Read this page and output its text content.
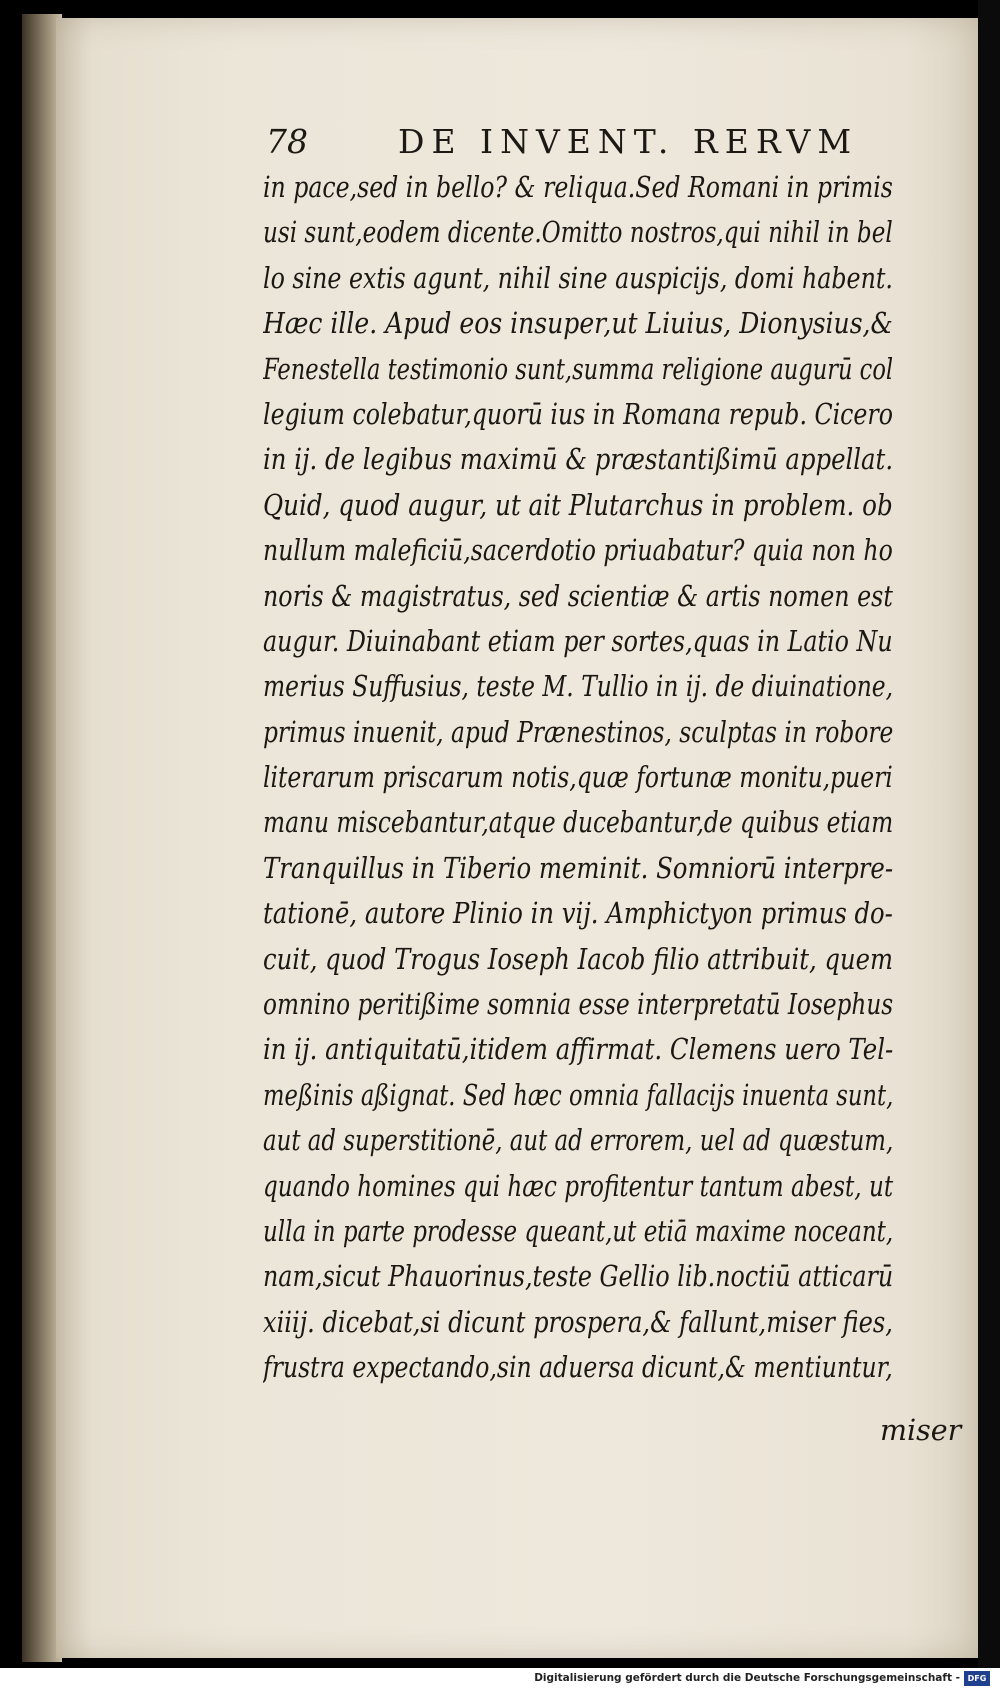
78	DE INVENT. RERVM
in pace,sed in bello? & reliqua.Sed Romani in primis
usi sunt,eodem dicente.Omitto nostros,qui nihil in bel
lo sine extis agunt, nihil sine auspicijs, domi habent.
Hæc ille. Apud eos insuper,ut Liuius, Dionysius,&
Fenestella testimonio sunt,summa religione augurū col
legium colebatur,quorū ius in Romana repub. Cicero
in ij. de legibus maximū & præstantißimū appellat.
Quid, quod augur, ut ait Plutarchus in problem. ob
nullum maleficiū,sacerdotio priuabatur? quia non ho
noris & magistratus, sed scientiæ & artis nomen est
augur. Diuinabant etiam per sortes,quas in Latio Nu
merius Suffusius, teste M. Tullio in ij. de diuinatione,
primus inuenit, apud Prænestinos, sculptas in robore
literarum priscarum notis,quæ fortunæ monitu,pueri
manu miscebantur,atque ducebantur,de quibus etiam
Tranquillus in Tiberio meminit. Somniorū interpre-
tationē, autore Plinio in vij. Amphictyon primus do-
cuit, quod Trogus Ioseph Iacob filio attribuit, quem
omnino peritißime somnia esse interpretatū Iosephus
in ij. antiquitatū,itidem affirmat. Clemens uero Tel-
meßinis aßignat. Sed hæc omnia fallacijs inuenta sunt,
aut ad superstitionē, aut ad errorem, uel ad quæstum,
quando homines qui hæc profitentur tantum abest, ut
ulla in parte prodesse queant,ut etiā maxime noceant,
nam,sicut Phauorinus,teste Gellio lib.noctiū atticarū
xiiij. dicebat,si dicunt prospera,& fallunt,miser fies,
frustra expectando,sin aduersa dicunt,& mentiuntur,
miser
Digitalisierung gefördert durch die Deutsche Forschungsgemeinschaft - DFG
